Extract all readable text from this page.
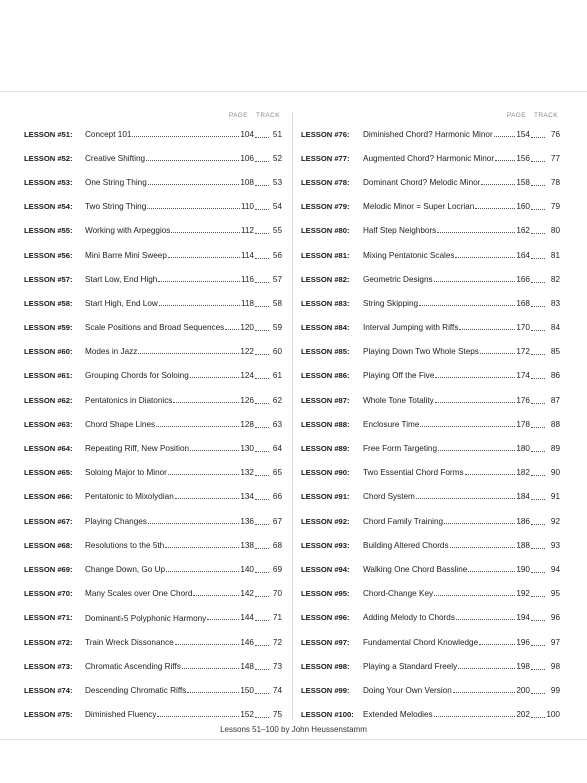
PAGE TRACK
LESSON #51:	Concept 101	104	51
LESSON #52:	Creative Shifting	106	52
LESSON #53:	One String Thing	108	53
LESSON #54:	Two String Thing	110	54
LESSON #55:	Working with Arpeggios	112	55
LESSON #56:	Mini Barre Mini Sweep	114	56
LESSON #57:	Start Low, End High	116	57
LESSON #58:	Start High, End Low	118	58
LESSON #59:	Scale Positions and Broad Sequences 120	59
LESSON #60:	Modes in Jazz	122	60
LESSON #61:	Grouping Chords for Soloing	124	61
LESSON #62:	Pentatonics in Diatonics	126	62
LESSON #63:	Chord Shape Lines	128	63
LESSON #64:	Repeating Riff, New Position	130	64
LESSON #65:	Soloing Major to Minor	132	65
LESSON #66:	Pentatonic to Mixolydian	134	66
LESSON #67:	Playing Changes	136	67
LESSON #68:	Resolutions to the 5th	138	68
LESSON #69:	Change Down, Go Up	140	69
LESSON #70:	Many Scales over One Chord	142	70
LESSON #71:	Dominant♭5 Polyphonic Harmony	144	71
LESSON #72:	Train Wreck Dissonance	146	72
LESSON #73:	Chromatic Ascending Riffs	148	73
LESSON #74:	Descending Chromatic Riffs	150	74
LESSON #75:	Diminished Fluency	152	75
PAGE TRACK
LESSON #76:	Diminished Chord? Harmonic Minor	154	76
LESSON #77:	Augmented Chord? Harmonic Minor	156	77
LESSON #78:	Dominant Chord? Melodic Minor	158	78
LESSON #79:	Melodic Minor = Super Locrian	160	79
LESSON #80:	Half Step Neighbors	162	80
LESSON #81:	Mixing Pentatonic Scales	164	81
LESSON #82:	Geometric Designs	166	82
LESSON #83:	String Skipping	168	83
LESSON #84:	Interval Jumping with Riffs	170	84
LESSON #85:	Playing Down Two Whole Steps	172	85
LESSON #86:	Playing Off the Five	174	86
LESSON #87:	Whole Tone Totality	176	87
LESSON #88:	Enclosure Time	178	88
LESSON #89:	Free Form Targeting	180	89
LESSON #90:	Two Essential Chord Forms	182	90
LESSON #91:	Chord System	184	91
LESSON #92:	Chord Family Training	186	92
LESSON #93:	Building Altered Chords	188	93
LESSON #94:	Walking One Chord Bassline	190	94
LESSON #95:	Chord-Change Key	192	95
LESSON #96:	Adding Melody to Chords	194	96
LESSON #97:	Fundamental Chord Knowledge	196	97
LESSON #98:	Playing a Standard Freely	198	98
LESSON #99:	Doing Your Own Version	200	99
LESSON #100:	Extended Melodies	202 100
Lessons 51–100 by John Heussenstamm
